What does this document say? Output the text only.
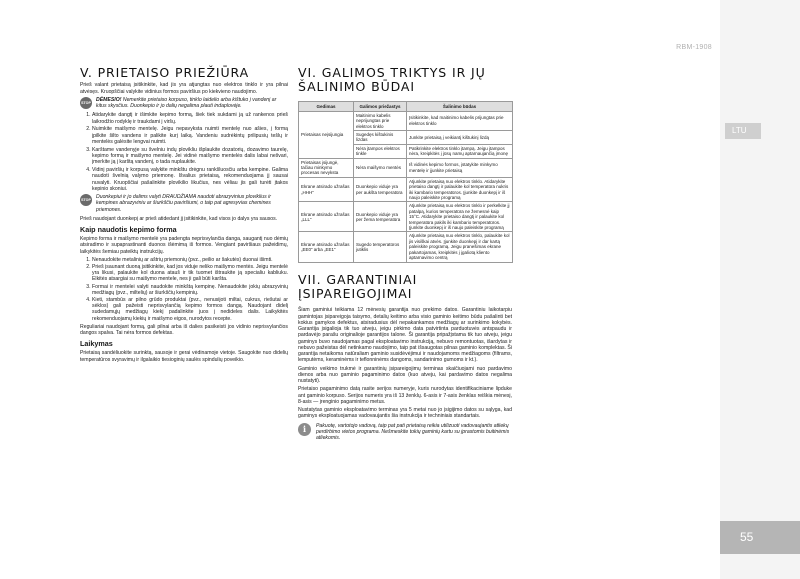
RBM-1908
LTU
55
V. PRIETAISO PRIEŽIŪRA

Prieš valant prietaisą įsitikinkite, kad jis yra atjungtas nuo elektros tinklo ir yra pilnai atvėsęs. Kruopščiai valykite vidinius formos paviršius po kiekvieno naudojimo.

STOP DĖMESIO! Nemerkite prietaiso korpuso, tinklo laidelio arba kištuko į vandenį ar kitus skysčius. Duonkepio ir jo dalių negalima plauti indaplovėje.
1. Atidarykite dangtį ir išimkite kepimo formą, šiek tiek sukdami ją už rankenos prieš laikrodžio rodyklę ir traukdami į viršų.
2. Nuimkite maišymo mentelę. Jeigu nepavyksta nuimti mentelę nuo ašies, į formą įpilkite šilto vandens ir palikite kurį laiką. Vandeniu sudrėkintų prilipusių tešlų ir mentelės galėsite lengvai nuimti.
3. Karštame vandenyje su švelniu indų plovikliu išplaukite dozatorių, dozavimo taurelę, kepimo formą ir maišymo mentelę. Jei vidinė maišymo mentelės dalis labai nešvari, įmerkite ją į karštą vandenį, o tada nuplaukite.
4. Vidinį paviršių ir korpusą valykite minkštu drėgnu rankšluosčiu arba kempine. Galima naudoti švelnią valymo priemonę. Išvalius prietaisą, rekomenduojama jį sausai nuvalyti. Kruopščiai pašalinkite plovikilio likučius, nes vėliau jis gali turėti įtakos kepinio skoniui.
STOP Duonkepiui ir jo dalims valyti DRAUDŽIAMA naudoti abrazyvinius ploviklius ir kempines abrazyviniu ar šiurkščiu paviršiumi, o taip pat agresyvias chemines priemones.

Prieš naudojant duonkepį ar prieš atidedant jį įsitikinkite, kad visos jo dalys yra sausos.

Kaip naudotis kepimo forma

Kepimo forma ir maišymo mentelė yra padengta neprisvylančia danga, saugantį nuo dėmių atsiradimo ir supaprastinanti duonos išėmimą iš formos. Vengiant paviršiaus pažeidimų, laikykitės šemiau pateiktų instrukcijų.

1. Nenaudokite metalinių ar aštrių priemonių (pvz., peilio ar šakutės) duonai išimti.
2. Prieš įsaunant duoną įsitikinkite, kad jos viduje neliko maišymo mentės. Jeigu mentelė yra likusi, palaukite kol duona atauš ir tik tuomet ištraukite ją specialiu kabliuku. Elkitės atsargiai su maišymo mentele, nes ji gali būti karšta.
3. Formai ir mentelei valyti naudokite minkštą kempinę. Nenaudokite jokių abrazyvinių medžiagų (pvz., miltelių) ar šiurkščių kempinių.
4. Kieti, stambūs ar pilno grūdo produktai (pvz., nenusijoti miltai, cukrus, riešutai ar sėklos) gali pažeisti neprisvylančią kepimo formos dangą. Naudojant didelį sudedamųjų medžiagų kiekį padalinkite juos į nedideles dalis. Laikykitės rekomenduojamų kiekių ir maišymo eigos, nurodytos recepte.

Reguliariai naudojant formą, gali pilnai arba iš dalies pasikeisti jos vidinio neprisvylančios dangos spalva. Tai nėra formos defektas.

Laikymas

Prietaisą sandėliuokite surinktą, sausoje ir gerai vėdinamoje vietoje. Saugokite nuo didelių temperatūros svyravimų ir ilgalaikio tiesioginių saulės spindulių poveikio.

VI. GALIMOS TRIKTYS IR JŲ ŠALINIMO BŪDAI
Gedimas	Galimos priežastys	Šalinimo būdas
Prietaisas neįsijungia	Maitinimo kabelis neprijungtas prie elektros tinklo	Įsitikinkite, kad maitinimo kabelis prijungtas prie elektros tinklo
	Sugedęs kištukinis lizdas	Junkite prietaisą į veikiantį kištukinį lizdą
	Nėra įtampos elektros tinkle	Patikrinkite elektros tinklo įtampą. Jeigu įtampos nėra, kreipkitės į jūsų namų aptarnaujančią įmonę
Prietaisas įsijungė, tačiau minkymo procesas nevyksta	Nėra maišymo mentės	Iš vidinės kepimo formos, įstatykite minkymo mentelę ir įjunkite prietaisą
Ekrane atsirado užrašas „HHH“	Duonkepio viduje yra per aukšta temperatūra	Atjunkite prietaisą nuo elektros tinklo. Atidarykite prietaiso dangtį ir palaukite kol temperatūra nukris iki kambario temperatūros. Įjunkite duonkepį ir iš naujo paleiskite programą
Ekrane atsirado užrašas „LLL“	Duonkepio viduje yra per žema temperatūra	Atjunkite prietaisą nuo elektros tinklo ir perkelkite jį patalpą, kurios temperatūra ne žemesnė kaip 15°C. Atidarykite prietaiso dangtį ir palaukite kol temperatūra pakils iki kambario temperatūros. Įjunkite duonkepį ir iš naujo paleiskite programą
Ekrane atsirado užrašas „EE0“ arba „EE1“	Sugedo temperatūros jutiklis	Atjunkite prietaisą nuo elektros tinklo, palaukite kol jis visiškai atvės. Įjunkite duonkepį ir dar kartą paleiskite programą. Jeigu pranešimas ekrane pakartojamas, kreipkitės į įgaliotą kliento aptarnavimo centrą
VII. GARANTINIAI ĮSIPAREIGOJIMAI

Šiam gaminiui teikiama 12 mėnesių garantija nuo prekimo datos. Garantiniu laikotarpiu gamintojas įsipareigoja taisymo, detalių keitimo arba visio gaminio keitimo būdu pašalinti bet kokius gamykos defektus, atsiradusius dėl nepakankamos medžiagų ar surinkimo kokybės. Garantija įsigalioja tik tuo atveju, jeigu pirkimo data patvirtinta parduotuvės antspaudu ir pardavėjo parašu originalioje garantijos talone. Ši garantija pripažįstama tik tuo atveju, jeigu gaminys buvo naudojamas pagal eksploatavimo instrukciją, nebuvo remontuotas, išardytas ir nebuvo pažeistas dėl netinkamo naudojimo, taip pat išsaugotas pilnas gaminio komplektas. Ši garantija netaikoma natūraliam gaminio susidėvėjimui ir naudojamoms medžiagoms (filtrams, lemputėms, keraminėms ir teflonninėms dangoms, sandarinimo gumoms ir kt.).

Gaminio veikimo trukmė ir garantinių įsipareigojimų terminas skaičiuojami nuo pardavimo dienos arba nuo gaminio pagaminimo datos (kuo atveju, kai pardavimo datos negalima nustatyti).

Prietaiso pagaminimo datą rasite serijos numeryje, kuris nurodytas identifikaciniame lipduke ant gaminio korpuso. Serijos numeris yra iš 13 ženklų. 6-asis ir 7-asis ženklas reiškia mėnesį, 8-asis — įrenginio pagaminimo metus.

Nustatytas gaminio eksploatavimo terminas yra 5 metai nuo jo įsigijimo datos su sąlyga, kad gaminys eksploatuojamas vadovaujantis šia instrukcija ir techniniais standartais.

i	Pakuotę, vartotojo vadovą, taip pat pati prietaisą reikia utilizuoti vadovaujantis atliekų perdirbimo vietos programa. Nešmeskite tokių gaminių kartu su įprastomis buitinėmis atliekomis.
